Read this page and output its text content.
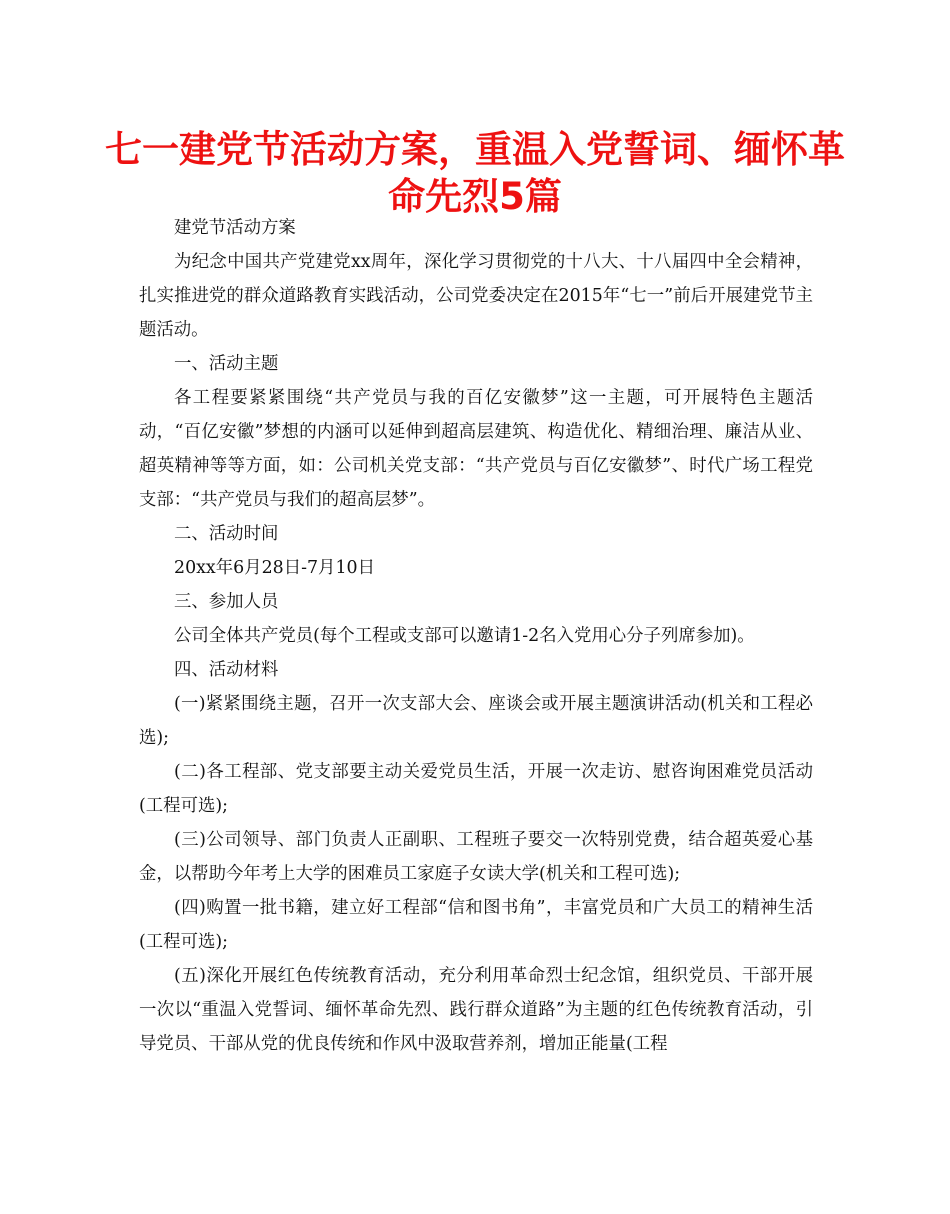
七一建党节活动方案，重温入党誓词、缅怀革命先烈5篇

建党节活动方案

为纪念中国共产党建党xx周年，深化学习贯彻党的十八大、十八届四中全会精神，扎实推进党的群众道路教育实践活动，公司党委决定在2015年“七一”前后开展建党节主题活动。

一、活动主题

各工程要紧紧围绕“共产党员与我的百亿安徽梦”这一主题，可开展特色主题活动，“百亿安徽”梦想的内涵可以延伸到超高层建筑、构造优化、精细治理、廉洁从业、超英精神等等方面，如：公司机关党支部：“共产党员与百亿安徽梦”、时代广场工程党支部：“共产党员与我们的超高层梦”。

二、活动时间

20xx年6月28日-7月10日

三、参加人员

公司全体共产党员(每个工程或支部可以邀请1-2名入党用心分子列席参加)。

四、活动材料

(一)紧紧围绕主题，召开一次支部大会、座谈会或开展主题演讲活动(机关和工程必选);

(二)各工程部、党支部要主动关爱党员生活，开展一次走访、慰咨询困难党员活动(工程可选);

(三)公司领导、部门负责人正副职、工程班子要交一次特别党费，结合超英爱心基金，以帮助今年考上大学的困难员工家庭子女读大学(机关和工程可选);

(四)购置一批书籍，建立好工程部“信和图书角”，丰富党员和广大员工的精神生活(工程可选);

(五)深化开展红色传统教育活动，充分利用革命烈士纪念馆，组织党员、干部开展一次以“重温入党誓词、缅怀革命先烈、践行群众道路”为主题的红色传统教育活动，引导党员、干部从党的优良传统和作风中汲取营养剂，增加正能量(工程
